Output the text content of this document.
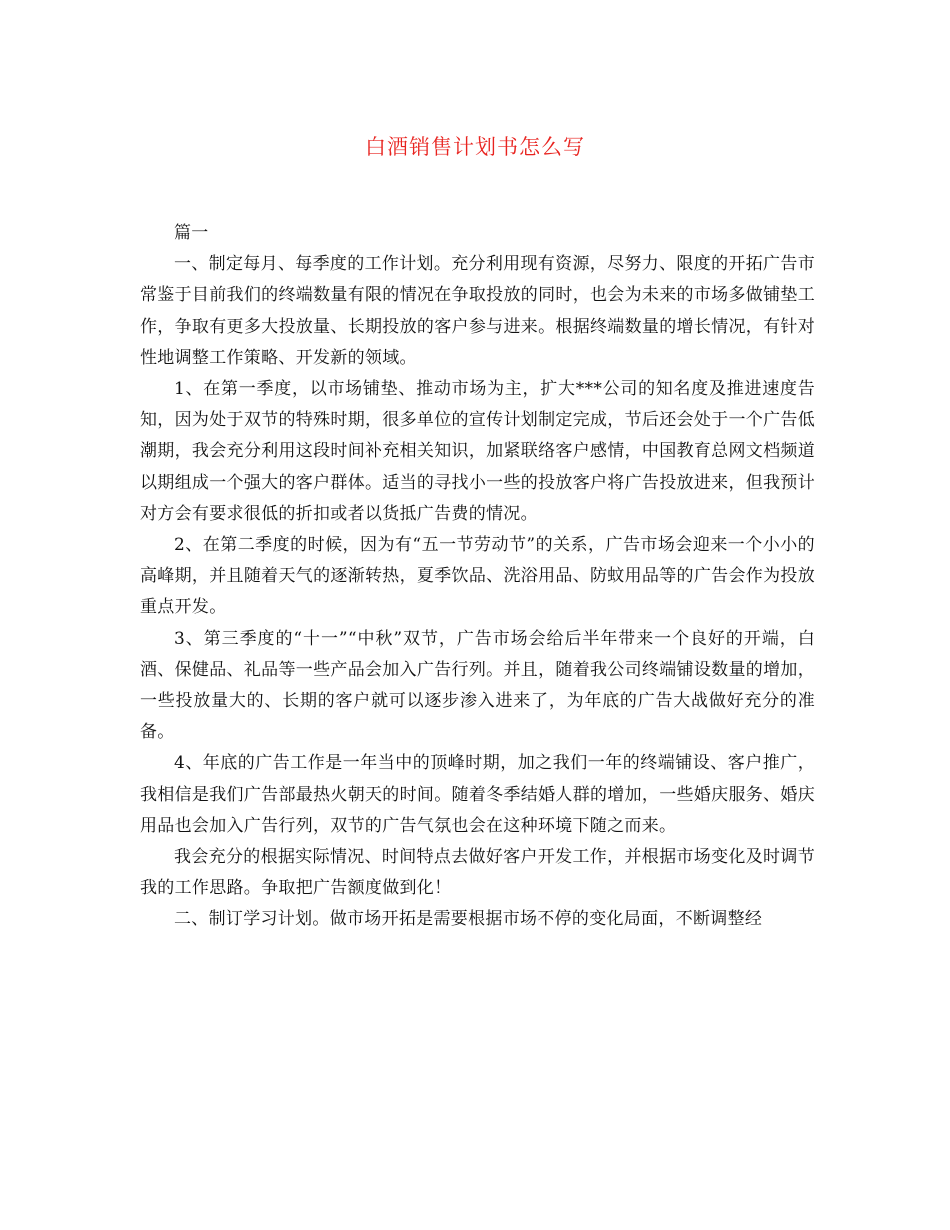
白酒销售计划书怎么写

篇一

一、制定每月、每季度的工作计划。充分利用现有资源，尽努力、限度的开拓广告市常鉴于目前我们的终端数量有限的情况在争取投放的同时，也会为未来的市场多做铺垫工作，争取有更多大投放量、长期投放的客户参与进来。根据终端数量的增长情况，有针对性地调整工作策略、开发新的领域。

1、在第一季度，以市场铺垫、推动市场为主，扩大***公司的知名度及推进速度告知，因为处于双节的特殊时期，很多单位的宣传计划制定完成，节后还会处于一个广告低潮期，我会充分利用这段时间补充相关知识，加紧联络客户感情，中国教育总网文档频道以期组成一个强大的客户群体。适当的寻找小一些的投放客户将广告投放进来，但我预计对方会有要求很低的折扣或者以货抵广告费的情况。

2、在第二季度的时候，因为有“五一节劳动节”的关系，广告市场会迎来一个小小的高峰期，并且随着天气的逐渐转热，夏季饮品、洗浴用品、防蚊用品等的广告会作为投放重点开发。

3、第三季度的“十一”“中秋”双节，广告市场会给后半年带来一个良好的开端，白酒、保健品、礼品等一些产品会加入广告行列。并且，随着我公司终端铺设数量的增加，一些投放量大的、长期的客户就可以逐步渗入进来了，为年底的广告大战做好充分的准备。

4、年底的广告工作是一年当中的顶峰时期，加之我们一年的终端铺设、客户推广，我相信是我们广告部最热火朝天的时间。随着冬季结婚人群的增加，一些婚庆服务、婚庆用品也会加入广告行列，双节的广告气氛也会在这种环境下随之而来。

我会充分的根据实际情况、时间特点去做好客户开发工作，并根据市场变化及时调节我的工作思路。争取把广告额度做到化！

二、制订学习计划。做市场开拓是需要根据市场不停的变化局面，不断调整经
